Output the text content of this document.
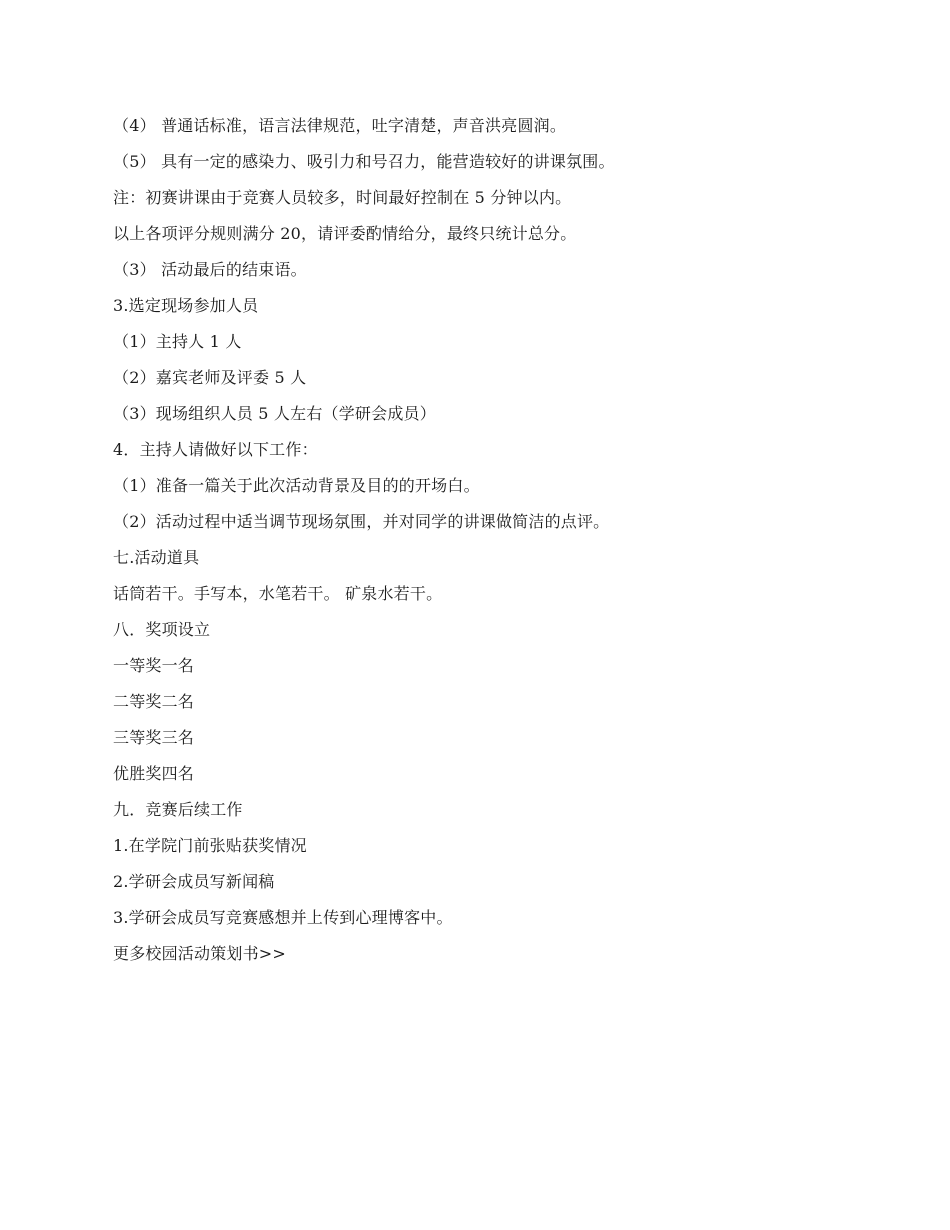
（4） 普通话标准，语言法律规范，吐字清楚，声音洪亮圆润。
（5） 具有一定的感染力、吸引力和号召力，能营造较好的讲课氛围。
注：初赛讲课由于竞赛人员较多，时间最好控制在 5 分钟以内。
以上各项评分规则满分 20，请评委酌情给分，最终只统计总分。
（3） 活动最后的结束语。
3.选定现场参加人员
（1）主持人 1 人
（2）嘉宾老师及评委 5 人
（3）现场组织人员 5 人左右（学研会成员）
4．主持人请做好以下工作：
（1）准备一篇关于此次活动背景及目的的开场白。
（2）活动过程中适当调节现场氛围，并对同学的讲课做简洁的点评。
七.活动道具
话筒若干。手写本，水笔若干。 矿泉水若干。
八．奖项设立
一等奖一名
二等奖二名
三等奖三名
优胜奖四名
九．竞赛后续工作
1.在学院门前张贴获奖情况
2.学研会成员写新闻稿
3.学研会成员写竞赛感想并上传到心理博客中。
更多校园活动策划书>>
